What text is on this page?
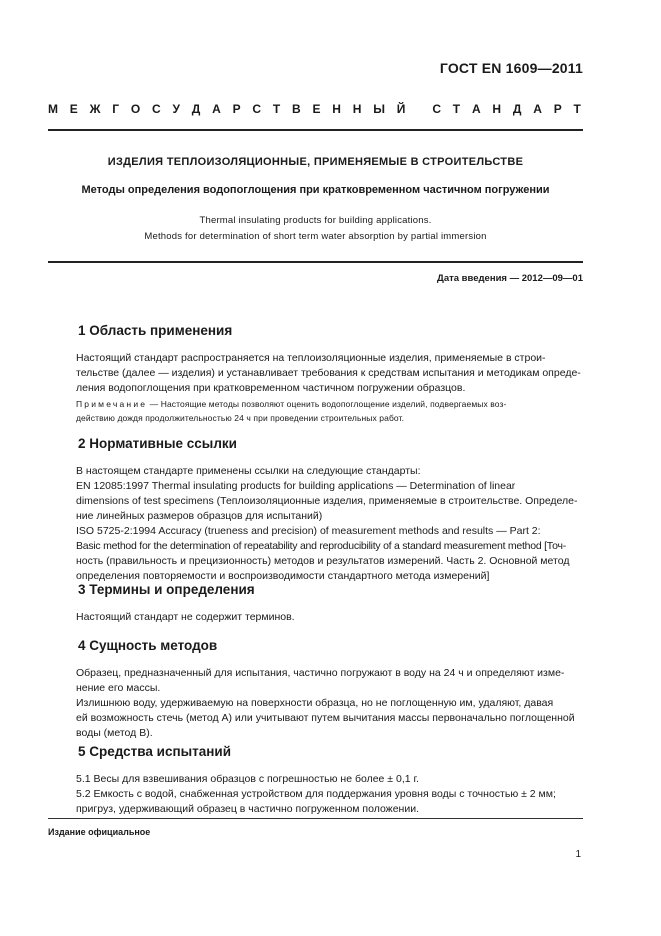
ГОСТ EN 1609—2011
М Е Ж Г О С У Д А Р С Т В Е Н Н Ы Й
С Т А Н Д А Р Т
ИЗДЕЛИЯ ТЕПЛОИЗОЛЯЦИОННЫЕ, ПРИМЕНЯЕМЫЕ В СТРОИТЕЛЬСТВЕ
Методы определения водопоглощения при кратковременном частичном погружении
Thermal insulating products for building applications.
Methods for determination of short term water absorption by partial immersion
Дата введения — 2012—09—01
1 Область применения
Настоящий стандарт распространяется на теплоизоляционные изделия, применяемые в строи-
тельстве (далее — изделия) и устанавливает требования к средствам испытания и методикам опреде-
ления водопоглощения при кратковременном частичном погружении образцов.
Примечание — Настоящие методы позволяют оценить водопоглощение изделий, подвергаемых воз-
действию дождя продолжительностью 24 ч при проведении строительных работ.
2 Нормативные ссылки
В настоящем стандарте применены ссылки на следующие стандарты:
EN 12085:1997 Thermal insulating products for building applications — Determination of linear
dimensions of test specimens (Теплоизоляционные изделия, применяемые в строительстве. Определе-
ние линейных размеров образцов для испытаний)
ISO 5725-2:1994 Accuracy (trueness and precision) of measurement methods and results — Part 2:
Basic method for the determination of repeatability and reproducibility of a standard measurement method [Точ-
ность (правильность и прецизионность) методов и результатов измерений. Часть 2. Основной метод
определения повторяемости и воспроизводимости стандартного метода измерений]
3 Термины и определения
Настоящий стандарт не содержит терминов.
4 Сущность методов
Образец, предназначенный для испытания, частично погружают в воду на 24 ч и определяют изме-
нение его массы.
Излишнюю воду, удерживаемую на поверхности образца, но не поглощенную им, удаляют, давая
ей возможность стечь (метод А) или учитывают путем вычитания массы первоначально поглощенной
воды (метод В).
5 Средства испытаний
5.1 Весы для взвешивания образцов с погрешностью не более ± 0,1 г.
5.2 Емкость с водой, снабженная устройством для поддержания уровня воды с точностью ± 2 мм;
пригруз, удерживающий образец в частично погруженном положении.
Издание официальное
1
